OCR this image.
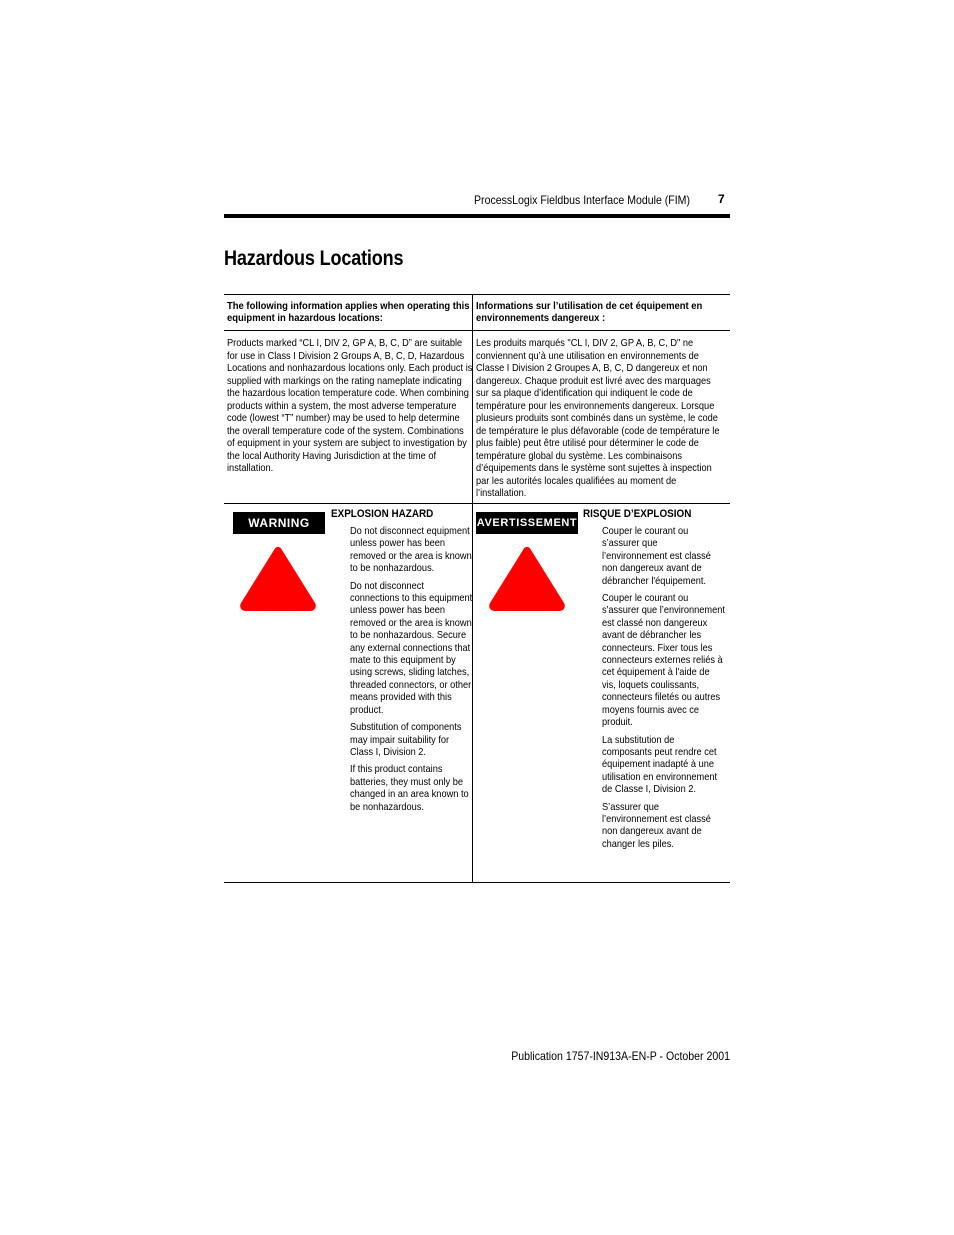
ProcessLogix Fieldbus Interface Module (FIM) 7
Hazardous Locations
The following information applies when operating this equipment in hazardous locations:
Informations sur l’utilisation de cet équipement en environnements dangereux :
Products marked “CL I, DIV 2, GP A, B, C, D” are suitable for use in Class I Division 2 Groups A, B, C, D, Hazardous Locations and nonhazardous locations only. Each product is supplied with markings on the rating nameplate indicating the hazardous location temperature code. When combining products within a system, the most adverse temperature code (lowest “T” number) may be used to help determine the overall temperature code of the system. Combinations of equipment in your system are subject to investigation by the local Authority Having Jurisdiction at the time of installation.
Les produits marqués "CL I, DIV 2, GP A, B, C, D" ne conviennent qu’à une utilisation en environnements de Classe I Division 2 Groupes A, B, C, D dangereux et non dangereux. Chaque produit est livré avec des marquages sur sa plaque d’identification qui indiquent le code de température pour les environnements dangereux. Lorsque plusieurs produits sont combinés dans un système, le code de température le plus défavorable (code de température le plus faible) peut être utilisé pour déterminer le code de température global du système. Les combinaisons d’équipements dans le système sont sujettes à inspection par les autorités locales qualifiées au moment de l’installation.
WARNING
EXPLOSION HAZARD

Do not disconnect equipment unless power has been removed or the area is known to be nonhazardous.

Do not disconnect connections to this equipment unless power has been removed or the area is known to be nonhazardous. Secure any external connections that mate to this equipment by using screws, sliding latches, threaded connectors, or other means provided with this product.

Substitution of components may impair suitability for Class I, Division 2.

If this product contains batteries, they must only be changed in an area known to be nonhazardous.

AVERTISSEMENT
RISQUE D’EXPLOSION

Couper le courant ou s’assurer que l’environnement est classé non dangereux avant de débrancher l'équipement.

Couper le courant ou s'assurer que l’environnement est classé non dangereux avant de débrancher les connecteurs. Fixer tous les connecteurs externes reliés à cet équipement à l'aide de vis, loquets coulissants, connecteurs filetés ou autres moyens fournis avec ce produit.

La substitution de composants peut rendre cet équipement inadapté à une utilisation en environnement de Classe I, Division 2.

S’assurer que l’environnement est classé non dangereux avant de changer les piles.

Publication 1757-IN913A-EN-P - October 2001
